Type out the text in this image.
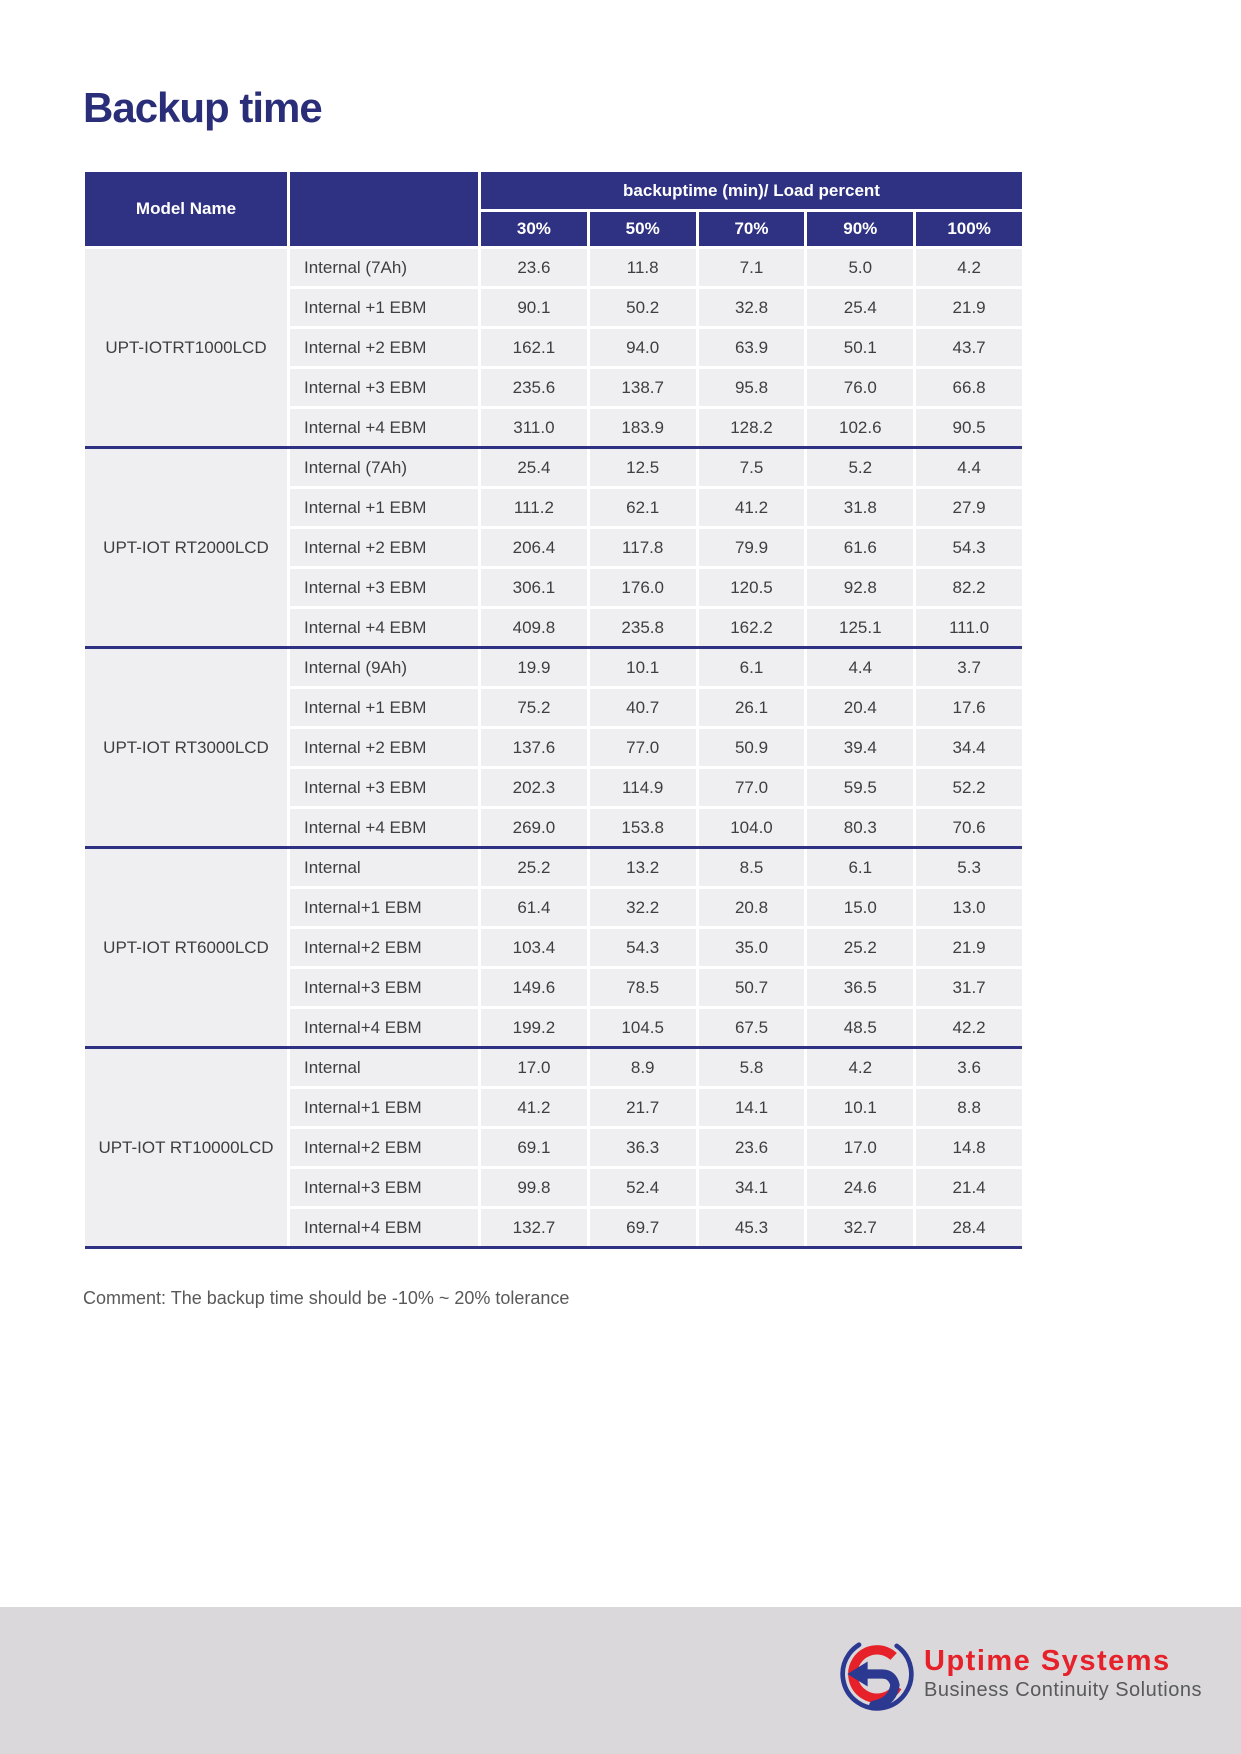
Backup time
Model Name
backuptime (min)/ Load percent
30%	50%	70%	90%	100%
UPT-IOTRT1000LCD
Internal (7Ah)	23.6	11.8	7.1	5.0	4.2
Internal +1 EBM	90.1	50.2	32.8	25.4	21.9
Internal +2 EBM	162.1	94.0	63.9	50.1	43.7
Internal +3 EBM	235.6	138.7	95.8	76.0	66.8
Internal +4 EBM	311.0	183.9	128.2	102.6	90.5
UPT-IOT RT2000LCD
Internal (7Ah)	25.4	12.5	7.5	5.2	4.4
Internal +1 EBM	111.2	62.1	41.2	31.8	27.9
Internal +2 EBM	206.4	117.8	79.9	61.6	54.3
Internal +3 EBM	306.1	176.0	120.5	92.8	82.2
Internal +4 EBM	409.8	235.8	162.2	125.1	111.0
UPT-IOT RT3000LCD
Internal (9Ah)	19.9	10.1	6.1	4.4	3.7
Internal +1 EBM	75.2	40.7	26.1	20.4	17.6
Internal +2 EBM	137.6	77.0	50.9	39.4	34.4
Internal +3 EBM	202.3	114.9	77.0	59.5	52.2
Internal +4 EBM	269.0	153.8	104.0	80.3	70.6
UPT-IOT RT6000LCD
Internal	25.2	13.2	8.5	6.1	5.3
Internal+1 EBM	61.4	32.2	20.8	15.0	13.0
Internal+2 EBM	103.4	54.3	35.0	25.2	21.9
Internal+3 EBM	149.6	78.5	50.7	36.5	31.7
Internal+4 EBM	199.2	104.5	67.5	48.5	42.2
UPT-IOT RT10000LCD
Internal	17.0	8.9	5.8	4.2	3.6
Internal+1 EBM	41.2	21.7	14.1	10.1	8.8
Internal+2 EBM	69.1	36.3	23.6	17.0	14.8
Internal+3 EBM	99.8	52.4	34.1	24.6	21.4
Internal+4 EBM	132.7	69.7	45.3	32.7	28.4
Comment: The backup time should be -10% ~ 20% tolerance
Uptime Systems
Business Continuity Solutions
